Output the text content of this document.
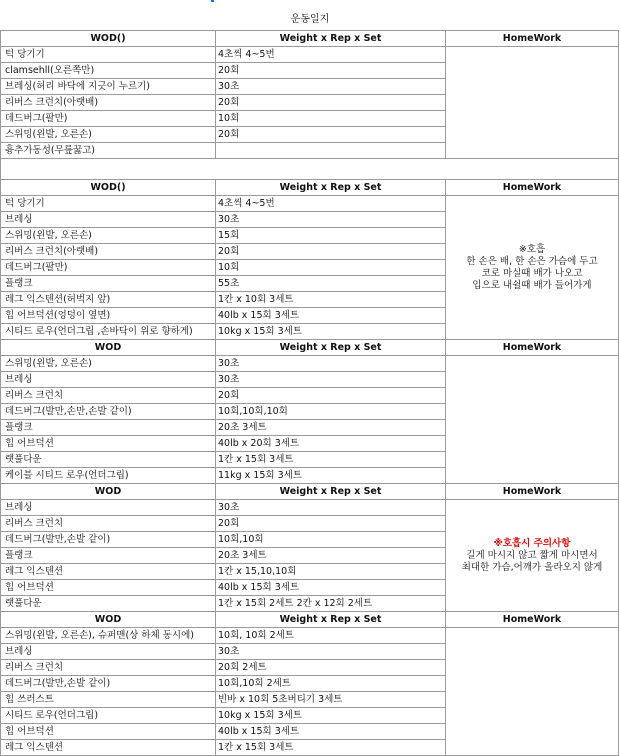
운동일지
WOD()	Weight x Rep x Set	HomeWork
턱 당기기	4초씩 4~5번	
clamsehll(오른쪽만)	20회	
브레싱(허리 바닥에 지긋이 누르기)	30초	
리버스 크런치(아랫배)	20회	
데드버그(팔만)	10회	
스위밍(왼발, 오른손)	20회	
흉추가동성(무릎꿇고)		

WOD()	Weight x Rep x Set	HomeWork
턱 당기기	4초씩 4~5번	※호흡
한 손은 배, 한 손은 가슴에 두고
코로 마실때 배가 나오고
입으로 내쉴때 배가 들어가게

브레싱	30초	
스위밍(왼발, 오른손)	15회	
리버스 크런치(아랫배)	20회	
데드버그(팔만)	10회	
플랭크	55초	
레그 익스텐션(허벅지 앞)	1칸 x 10회 3세트	
힙 어브덕션(엉덩이 옆면)	40lb x 15회 3세트	
시티드 로우(언더그립 ,손바닥이 위로 향하게)	10kg x 15회 3세트	
WOD	Weight x Rep x Set	HomeWork
스위밍(왼발, 오른손)	30초	
브레싱	30초	
리버스 크런치	20회	
데드버그(발만,손만,손발 같이)	10회,10회,10회	
플랭크	20초 3세트	
힙 어브덕션	40lb x 20회 3세트	
랫풀다운	1칸 x 15회 3세트	
케이블 시티드 로우(언더그립)	11kg x 15회 3세트	
WOD	Weight x Rep x Set	HomeWork
브레싱	30초	※호흡시 주의사항
길게 마시지 않고 짧게 마시면서
최대한 가슴,어깨가 올라오지 않게

리버스 크런치	20회	
데드버그(발만,손발 같이)	10회,10회	
플랭크	20초 3세트	
레그 익스텐션	1칸 x 15,10,10회	
힙 어브덕션	40lb x 15회 3세트	
랫풀다운	1칸 x 15회 2세트 2칸 x 12회 2세트	
WOD	Weight x Rep x Set	HomeWork
스위밍(왼발, 오른손), 슈퍼맨(상 하체 동시에)	10회, 10회 2세트	
브레싱	30초	
리버스 크런치	20회 2세트	
데드버그(발만,손발 같이)	10회,10회 2세트	
힙 쓰러스트	빈바 x 10회 5초버티기 3세트	
시티드 로우(언더그립)	10kg x 15회 3세트	
힙 어브덕션	40lb x 15회 3세트	
레그 익스텐션	1칸 x 15회 3세트	
